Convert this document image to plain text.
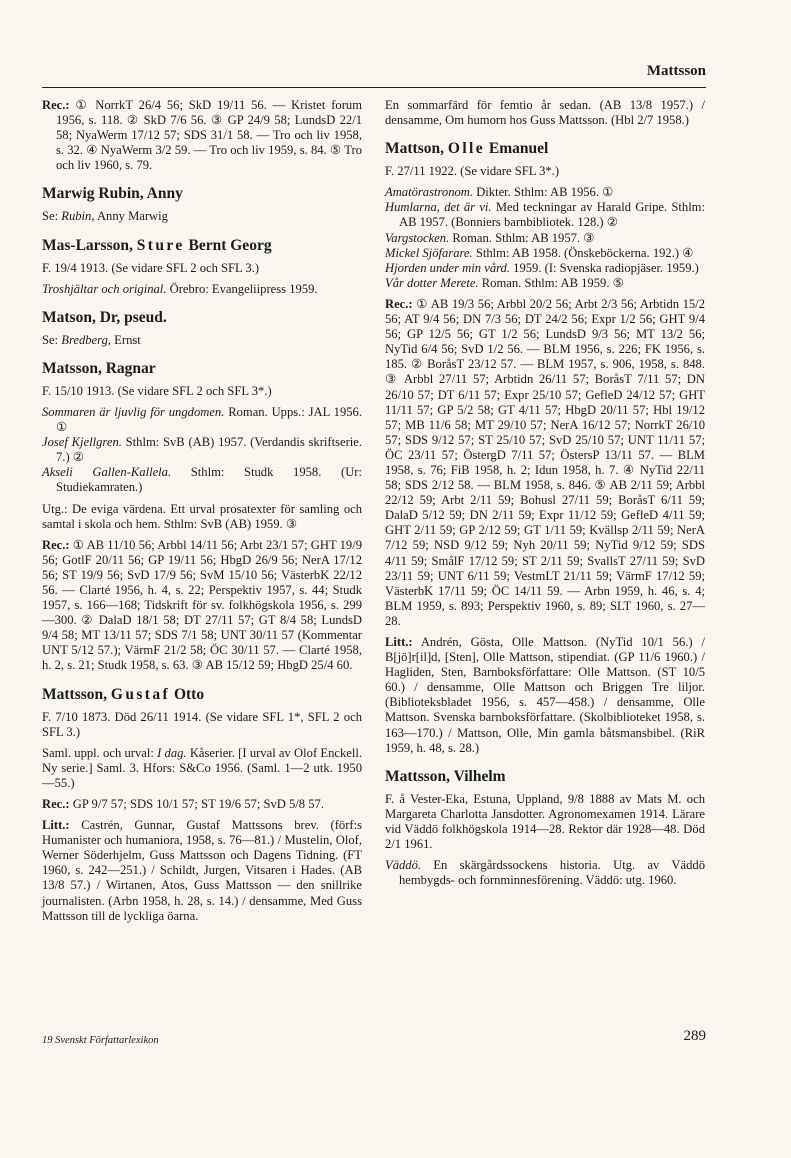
Mattsson

Rec.: ① NorrkT 26/4 56; SkD 19/11 56. — Kristet forum 1956, s. 118. ② SkD 7/6 56. ③ GP 24/9 58; LundsD 22/1 58; NyaWerm 17/12 57; SDS 31/1 58. — Tro och liv 1958, s. 32. ④ NyaWerm 3/2 59. — Tro och liv 1959, s. 84. ⑤ Tro och liv 1960, s. 79.

Marwig Rubin, Anny

Se: Rubin, Anny Marwig

Mas-Larsson, Sture Bernt Georg

F. 19/4 1913. (Se vidare SFL 2 och SFL 3.)

Troshjältar och original. Örebro: Evangeliipress 1959.

Matson, Dr, pseud.

Se: Bredberg, Ernst

Matsson, Ragnar

F. 15/10 1913. (Se vidare SFL 2 och SFL 3*.)

Sommaren är ljuvlig för ungdomen. Roman. Upps.: JAL 1956. ①

Josef Kjellgren. Sthlm: SvB (AB) 1957. (Verdandis skriftserie. 7.) ②

Akseli Gallen-Kallela. Sthlm: Studk 1958. (Ur: Studiekamraten.)

Utg.: De eviga värdena. Ett urval prosatexter för samling och samtal i skola och hem. Sthlm: SvB (AB) 1959. ③

Rec.: ① AB 11/10 56; Arbbl 14/11 56; Arbt 23/1 57; GHT 19/9 56; GotlF 20/11 56; GP 19/11 56; HbgD 26/9 56; NerA 17/12 56; ST 19/9 56; SvD 17/9 56; SvM 15/10 56; VästerbK 22/12 56. — Clarté 1956, h. 4, s. 22; Perspektiv 1957, s. 44; Studk 1957, s. 166—168; Tidskrift för sv. folkhögskola 1956, s. 299—300. ② DalaD 18/1 58; DT 27/11 57; GT 8/4 58; LundsD 9/4 58; MT 13/11 57; SDS 7/1 58; UNT 30/11 57 (Kommentar UNT 5/12 57.); VärmF 21/2 58; ÖC 30/11 57. — Clarté 1958, h. 2, s. 21; Studk 1958, s. 63. ③ AB 15/12 59; HbgD 25/4 60.

Mattsson, Gustaf Otto

F. 7/10 1873. Död 26/11 1914. (Se vidare SFL 1*, SFL 2 och SFL 3.)

Saml. uppl. och urval: I dag. Kåserier. [I urval av Olof Enckell. Ny serie.] Saml. 3. Hfors: S&Co 1956. (Saml. 1—2 utk. 1950—55.)

Rec.: GP 9/7 57; SDS 10/1 57; ST 19/6 57; SvD 5/8 57.

Litt.: Castrén, Gunnar, Gustaf Mattssons brev. (förf:s Humanister och humaniora, 1958, s. 76—81.) / Mustelin, Olof, Werner Söderhjelm, Guss Mattsson och Dagens Tidning. (FT 1960, s. 242—251.) / Schildt, Jurgen, Vitsaren i Hades. (AB 13/8 57.) / Wirtanen, Atos, Guss Mattsson — den snillrike journalisten. (Arbn 1958, h. 28, s. 14.) / densamme, Med Guss Mattsson till de lyckliga öarna.

En sommarfärd för femtio år sedan. (AB 13/8 1957.) / densamme, Om humorn hos Guss Mattsson. (Hbl 2/7 1958.)

Mattson, Olle Emanuel

F. 27/11 1922. (Se vidare SFL 3*.)

Amatörastronom. Dikter. Sthlm: AB 1956. ①

Humlarna, det är vi. Med teckningar av Harald Gripe. Sthlm: AB 1957. (Bonniers barnbibliotek. 128.) ②

Vargstocken. Roman. Sthlm: AB 1957. ③

Mickel Sjöfarare. Sthlm: AB 1958. (Önskeböckerna. 192.) ④

Hjorden under min vård. 1959. (I: Svenska radiopjäser. 1959.)

Vår dotter Merete. Roman. Sthlm: AB 1959. ⑤

Rec.: ① AB 19/3 56; Arbbl 20/2 56; Arbt 2/3 56; Arbtidn 15/2 56; AT 9/4 56; DN 7/3 56; DT 24/2 56; Expr 1/2 56; GHT 9/4 56; GP 12/5 56; GT 1/2 56; LundsD 9/3 56; MT 13/2 56; NyTid 6/4 56; SvD 1/2 56. — BLM 1956, s. 226; FK 1956, s. 185. ② BoråsT 23/12 57. — BLM 1957, s. 906, 1958, s. 848. ③ Arbbl 27/11 57; Arbtidn 26/11 57; BoråsT 7/11 57; DN 26/10 57; DT 6/11 57; Expr 25/10 57; GefleD 24/12 57; GHT 11/11 57; GP 5/2 58; GT 4/11 57; HbgD 20/11 57; Hbl 19/12 57; MB 11/6 58; MT 29/10 57; NerA 16/12 57; NorrkT 26/10 57; SDS 9/12 57; ST 25/10 57; SvD 25/10 57; UNT 11/11 57; ÖC 23/11 57; ÖstergD 7/11 57; ÖstersP 13/11 57. — BLM 1958, s. 76; FiB 1958, h. 2; Idun 1958, h. 7. ④ NyTid 22/11 58; SDS 2/12 58. — BLM 1958, s. 846. ⑤ AB 2/11 59; Arbbl 22/12 59; Arbt 2/11 59; Bohusl 27/11 59; BoråsT 6/11 59; DalaD 5/12 59; DN 2/11 59; Expr 11/12 59; GefleD 4/11 59; GHT 2/11 59; GP 2/12 59; GT 1/11 59; Kvällsp 2/11 59; NerA 7/12 59; NSD 9/12 59; Nyh 20/11 59; NyTid 9/12 59; SDS 4/11 59; SmålF 17/12 59; ST 2/11 59; SvallsT 27/11 59; SvD 23/11 59; UNT 6/11 59; VestmLT 21/11 59; VärmF 17/12 59; VästerbK 17/11 59; ÖC 14/11 59. — Arbn 1959, h. 46, s. 4; BLM 1959, s. 893; Perspektiv 1960, s. 89; SLT 1960, s. 27—28.

Litt.: Andrén, Gösta, Olle Mattson. (NyTid 10/1 56.) / B[jö]r[il]d, [Sten], Olle Mattson, stipendiat. (GP 11/6 1960.) / Hagliden, Sten, Barnboksförfattare: Olle Mattson. (ST 10/5 60.) / densamme, Olle Mattson och Briggen Tre liljor. (Biblioteksbladet 1956, s. 457—458.) / densamme, Olle Mattson. Svenska barnboksförfattare. (Skolbiblioteket 1958, s. 163—170.) / Mattson, Olle, Min gamla båtsmansbibel. (RiR 1959, h. 48, s. 28.)

Mattsson, Vilhelm

F. å Vester-Eka, Estuna, Uppland, 9/8 1888 av Mats M. och Margareta Charlotta Jansdotter. Agronomexamen 1914. Lärare vid Väddö folkhögskola 1914—28. Rektor där 1928—48. Död 2/1 1961.

Väddö. En skärgårdssockens historia. Utg. av Väddö hembygds- och fornminnesförening. Väddö: utg. 1960.

19 Svenskt Författarlexikon	289
